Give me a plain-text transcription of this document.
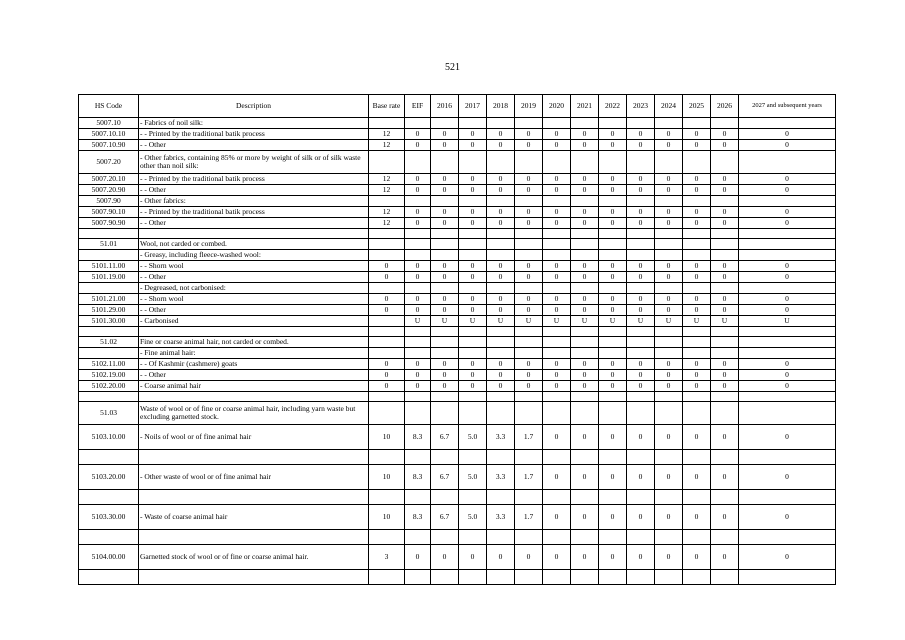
521
HS Code	Description	Base rate	EIF	2016	2017	2018	2019	2020	2021	2022	2023	2024	2025	2026	2027 and subsequent years
5007.10	- Fabrics of noil silk:														
5007.10.10	- - Printed by the traditional batik process	12	0	0	0	0	0	0	0	0	0	0	0	0	0
5007.10.90	- - Other	12	0	0	0	0	0	0	0	0	0	0	0	0	0
5007.20	- Other fabrics, containing 85% or more by weight of silk or of silk waste other than noil silk:														
5007.20.10	- - Printed by the traditional batik process	12	0	0	0	0	0	0	0	0	0	0	0	0	0
5007.20.90	- - Other	12	0	0	0	0	0	0	0	0	0	0	0	0	0
5007.90	- Other fabrics:														
5007.90.10	- - Printed by the traditional batik process	12	0	0	0	0	0	0	0	0	0	0	0	0	0
5007.90.90	- - Other	12	0	0	0	0	0	0	0	0	0	0	0	0	0

51.01	Wool, not carded or combed.														
	- Greasy, including fleece-washed wool:														
5101.11.00	- - Shorn wool	0	0	0	0	0	0	0	0	0	0	0	0	0	0
5101.19.00	- - Other	0	0	0	0	0	0	0	0	0	0	0	0	0	0
	- Degreased, not carbonised:														
5101.21.00	- - Shorn wool	0	0	0	0	0	0	0	0	0	0	0	0	0	0
5101.29.00	- - Other	0	0	0	0	0	0	0	0	0	0	0	0	0	0
5101.30.00	- Carbonised		U	U	U	U	U	U	U	U	U	U	U	U	U

51.02	Fine or coarse animal hair, not carded or combed.														
	- Fine animal hair:														
5102.11.00	- - Of Kashmir (cashmere) goats	0	0	0	0	0	0	0	0	0	0	0	0	0	0
5102.19.00	- - Other	0	0	0	0	0	0	0	0	0	0	0	0	0	0
5102.20.00	- Coarse animal hair	0	0	0	0	0	0	0	0	0	0	0	0	0	0

51.03	Waste of wool or of fine or coarse animal hair, including yarn waste but excluding garnetted stock.														
5103.10.00	- Noils of wool or of fine animal hair	10	8.3	6.7	5.0	3.3	1.7	0	0	0	0	0	0	0	0

5103.20.00	- Other waste of wool or of fine animal hair	10	8.3	6.7	5.0	3.3	1.7	0	0	0	0	0	0	0	0

5103.30.00	- Waste of coarse animal hair	10	8.3	6.7	5.0	3.3	1.7	0	0	0	0	0	0	0	0

5104.00.00	Garnetted stock of wool or of fine or coarse animal hair.	3	0	0	0	0	0	0	0	0	0	0	0	0	0
